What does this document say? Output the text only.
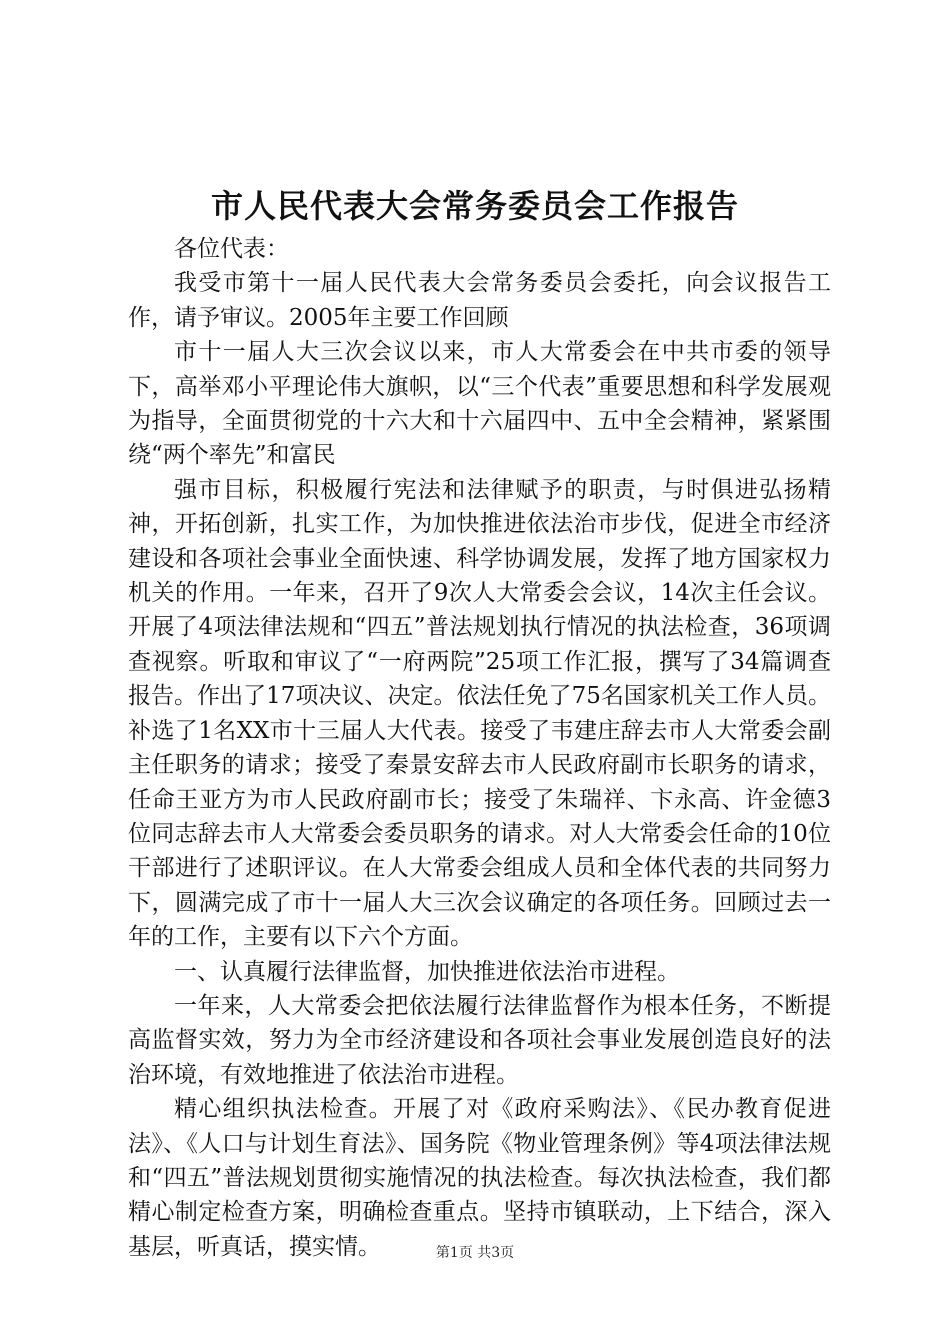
市人民代表大会常务委员会工作报告

各位代表：

我受市第十一届人民代表大会常务委员会委托，向会议报告工作，请予审议。2005年主要工作回顾

市十一届人大三次会议以来，市人大常委会在中共市委的领导下，高举邓小平理论伟大旗帜，以“三个代表”重要思想和科学发展观为指导，全面贯彻党的十六大和十六届四中、五中全会精神，紧紧围绕“两个率先”和富民

强市目标，积极履行宪法和法律赋予的职责，与时俱进弘扬精神，开拓创新，扎实工作，为加快推进依法治市步伐，促进全市经济建设和各项社会事业全面快速、科学协调发展，发挥了地方国家权力机关的作用。一年来，召开了9次人大常委会会议，14次主任会议。开展了4项法律法规和“四五”普法规划执行情况的执法检查，36项调查视察。听取和审议了“一府两院”25项工作汇报，撰写了34篇调查报告。作出了17项决议、决定。依法任免了75名国家机关工作人员。补选了1名XX市十三届人大代表。接受了韦建庄辞去市人大常委会副主任职务的请求；接受了秦景安辞去市人民政府副市长职务的请求，任命王亚方为市人民政府副市长；接受了朱瑞祥、卞永高、许金德3位同志辞去市人大常委会委员职务的请求。对人大常委会任命的10位干部进行了述职评议。在人大常委会组成人员和全体代表的共同努力下，圆满完成了市十一届人大三次会议确定的各项任务。回顾过去一年的工作，主要有以下六个方面。

一、认真履行法律监督，加快推进依法治市进程。

一年来，人大常委会把依法履行法律监督作为根本任务，不断提高监督实效，努力为全市经济建设和各项社会事业发展创造良好的法治环境，有效地推进了依法治市进程。

精心组织执法检查。开展了对《政府采购法》、《民办教育促进法》、《人口与计划生育法》、国务院《物业管理条例》等4项法律法规和“四五”普法规划贯彻实施情况的执法检查。每次执法检查，我们都精心制定检查方案，明确检查重点。坚持市镇联动，上下结合，深入基层，听真话，摸实情。	第1页 共3页
